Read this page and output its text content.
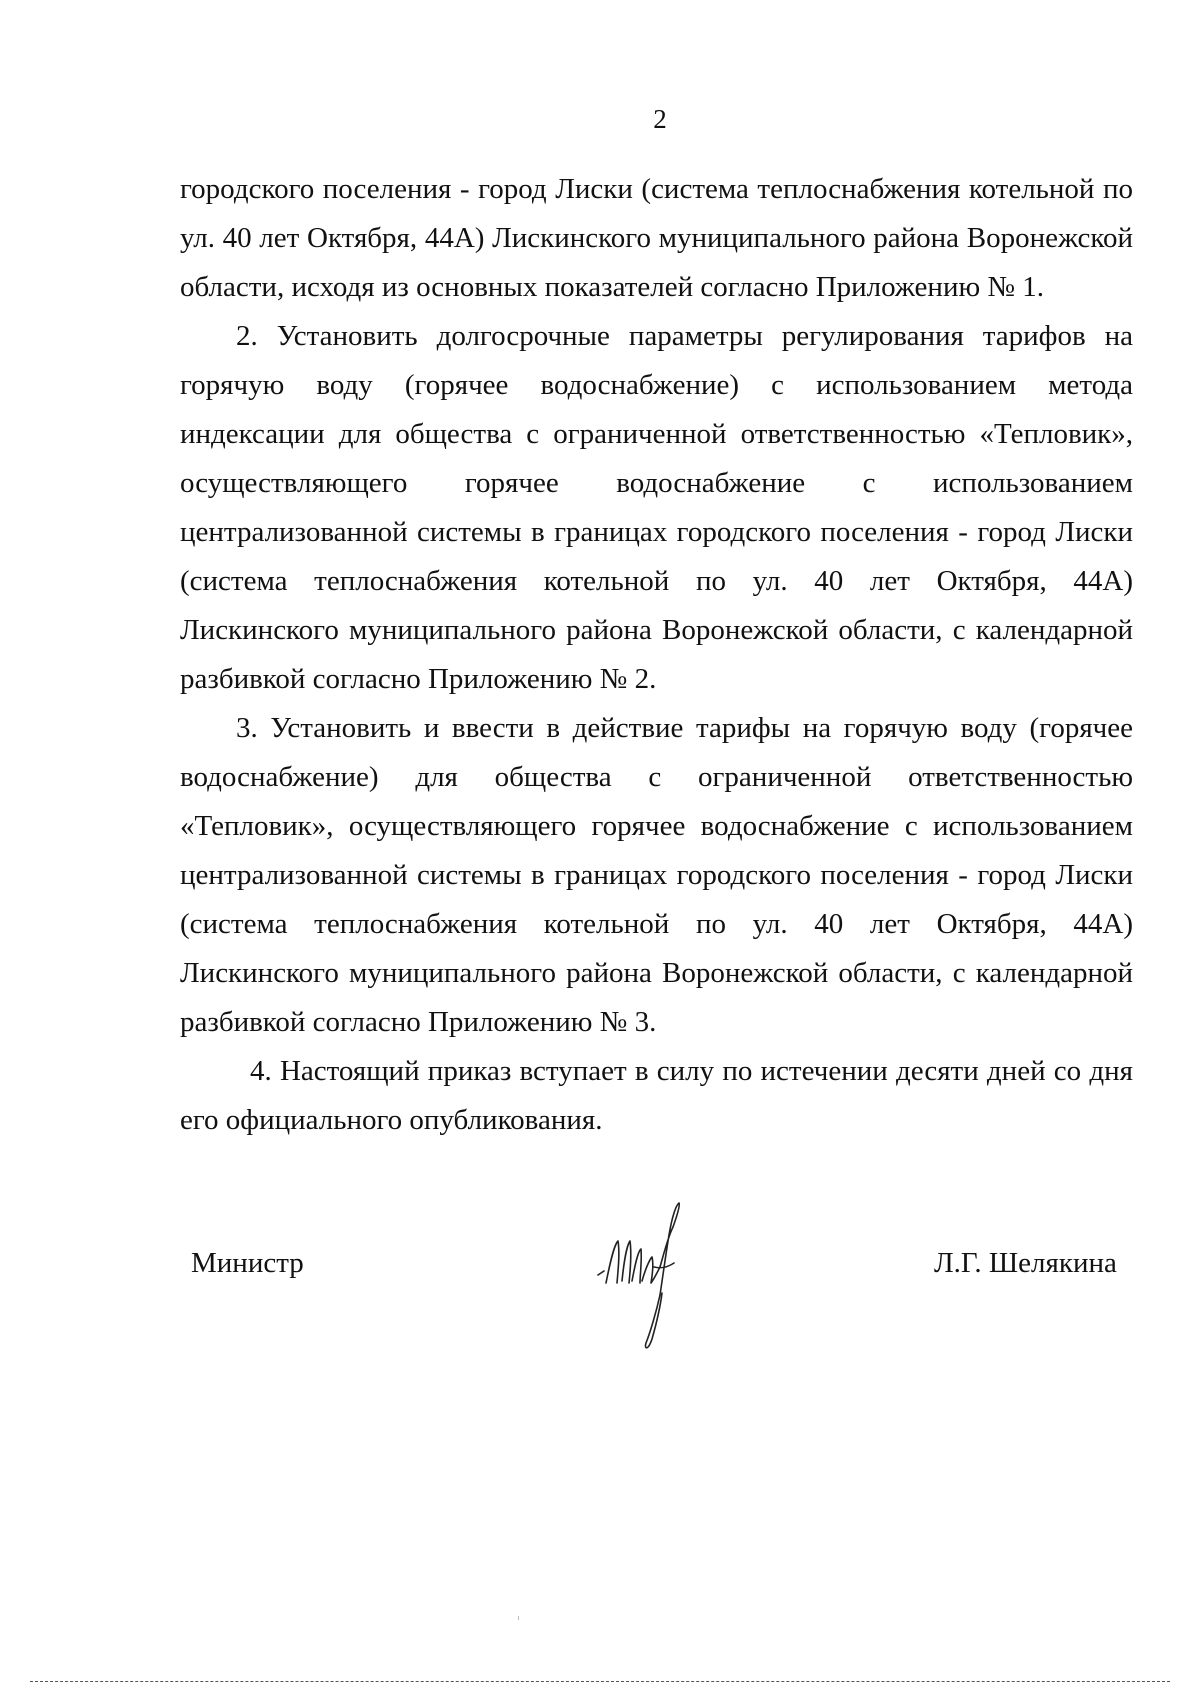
2

городского поселения - город Лиски (система теплоснабжения котельной по ул. 40 лет Октября, 44А) Лискинского муниципального района Воронежской области, исходя из основных показателей согласно Приложению № 1.

2. Установить долгосрочные параметры регулирования тарифов на горячую воду (горячее водоснабжение) с использованием метода индексации для общества с ограниченной ответственностью «Тепловик», осуществляющего горячее водоснабжение с использованием централизованной системы в границах городского поселения - город Лиски (система теплоснабжения котельной по ул. 40 лет Октября, 44А) Лискинского муниципального района Воронежской области, с календарной разбивкой согласно Приложению № 2.

3. Установить и ввести в действие тарифы на горячую воду (горячее водоснабжение) для общества с ограниченной ответственностью «Тепловик», осуществляющего горячее водоснабжение с использованием централизованной системы в границах городского поселения - город Лиски (система теплоснабжения котельной по ул. 40 лет Октября, 44А) Лискинского муниципального района Воронежской области, с календарной разбивкой согласно Приложению № 3.

4. Настоящий приказ вступает в силу по истечении десяти дней со дня его официального опубликования.

Министр	Л.Г. Шелякина
